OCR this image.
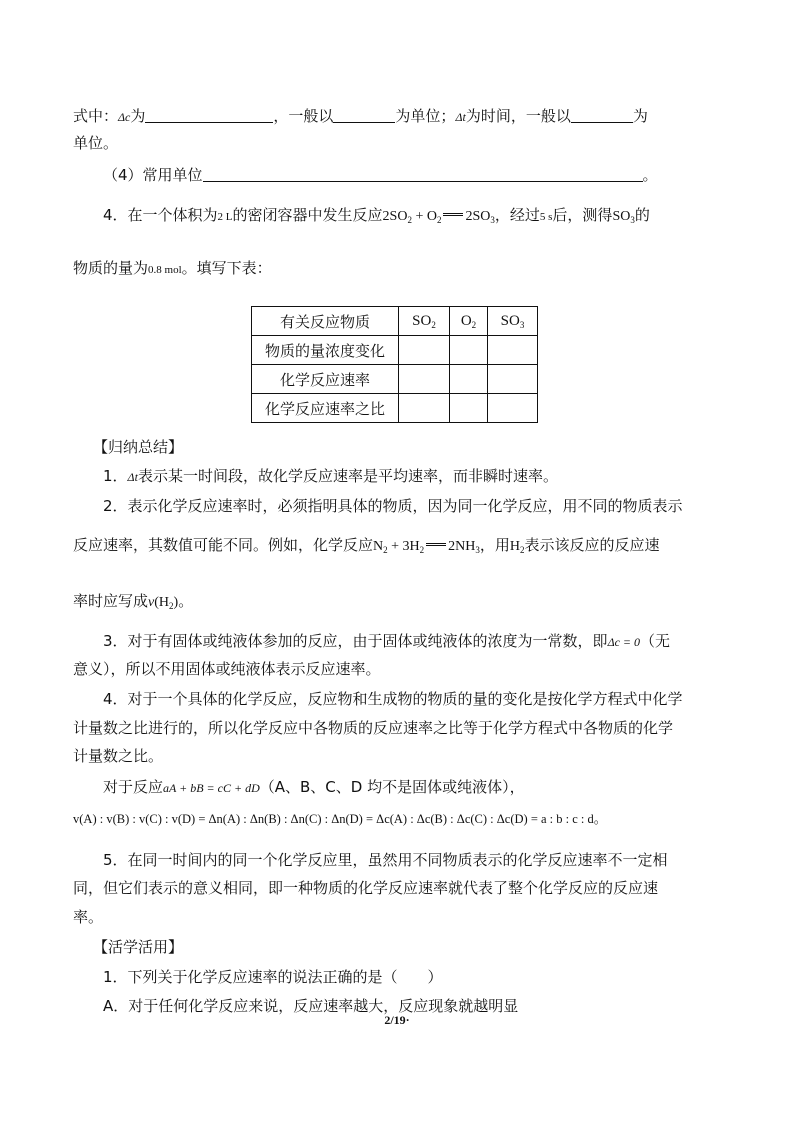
式中：Δc为	，一般以	为单位；Δt为时间，一般以	为
单位。
（4）常用单位	。
4．在一个体积为2 L的密闭容器中发生反应$2SO_2 + O_2$ $2SO_3$，经过5 s后，测得$SO_3$的
物质的量为0.8 mol。填写下表：
有关反应物质	$SO_2$	$O_2$	$SO_3$
物质的量浓度变化			
化学反应速率			
化学反应速率之比			
【归纳总结】
1．Δt表示某一时间段，故化学反应速率是平均速率，而非瞬时速率。
2．表示化学反应速率时，必须指明具体的物质，因为同一化学反应，用不同的物质表示
反应速率，其数值可能不同。例如，化学反应$N_2 + 3H_2$ $2NH_3$，用$H_2$表示该反应的反应速
率时应写成$v(H_2)$。
3．对于有固体或纯液体参加的反应，由于固体或纯液体的浓度为一常数，即Δc = 0（无
意义），所以不用固体或纯液体表示反应速率。
4．对于一个具体的化学反应，反应物和生成物的物质的量的变化是按化学方程式中化学
计量数之比进行的，所以化学反应中各物质的反应速率之比等于化学方程式中各物质的化学
计量数之比。
对于反应aA + bB = cC + dD（A、B、C、D 均不是固体或纯液体），
v(A) : v(B) : v(C) : v(D) = Δn(A) : Δn(B) : Δn(C) : Δn(D) = Δc(A) : Δc(B) : Δc(C) : Δc(D) = a : b : c : d。
5．在同一时间内的同一个化学反应里，虽然用不同物质表示的化学反应速率不一定相
同，但它们表示的意义相同，即一种物质的化学反应速率就代表了整个化学反应的反应速
率。
【活学活用】
1．下列关于化学反应速率的说法正确的是（　　）
A．对于任何化学反应来说，反应速率越大，反应现象就越明显
2/19·
